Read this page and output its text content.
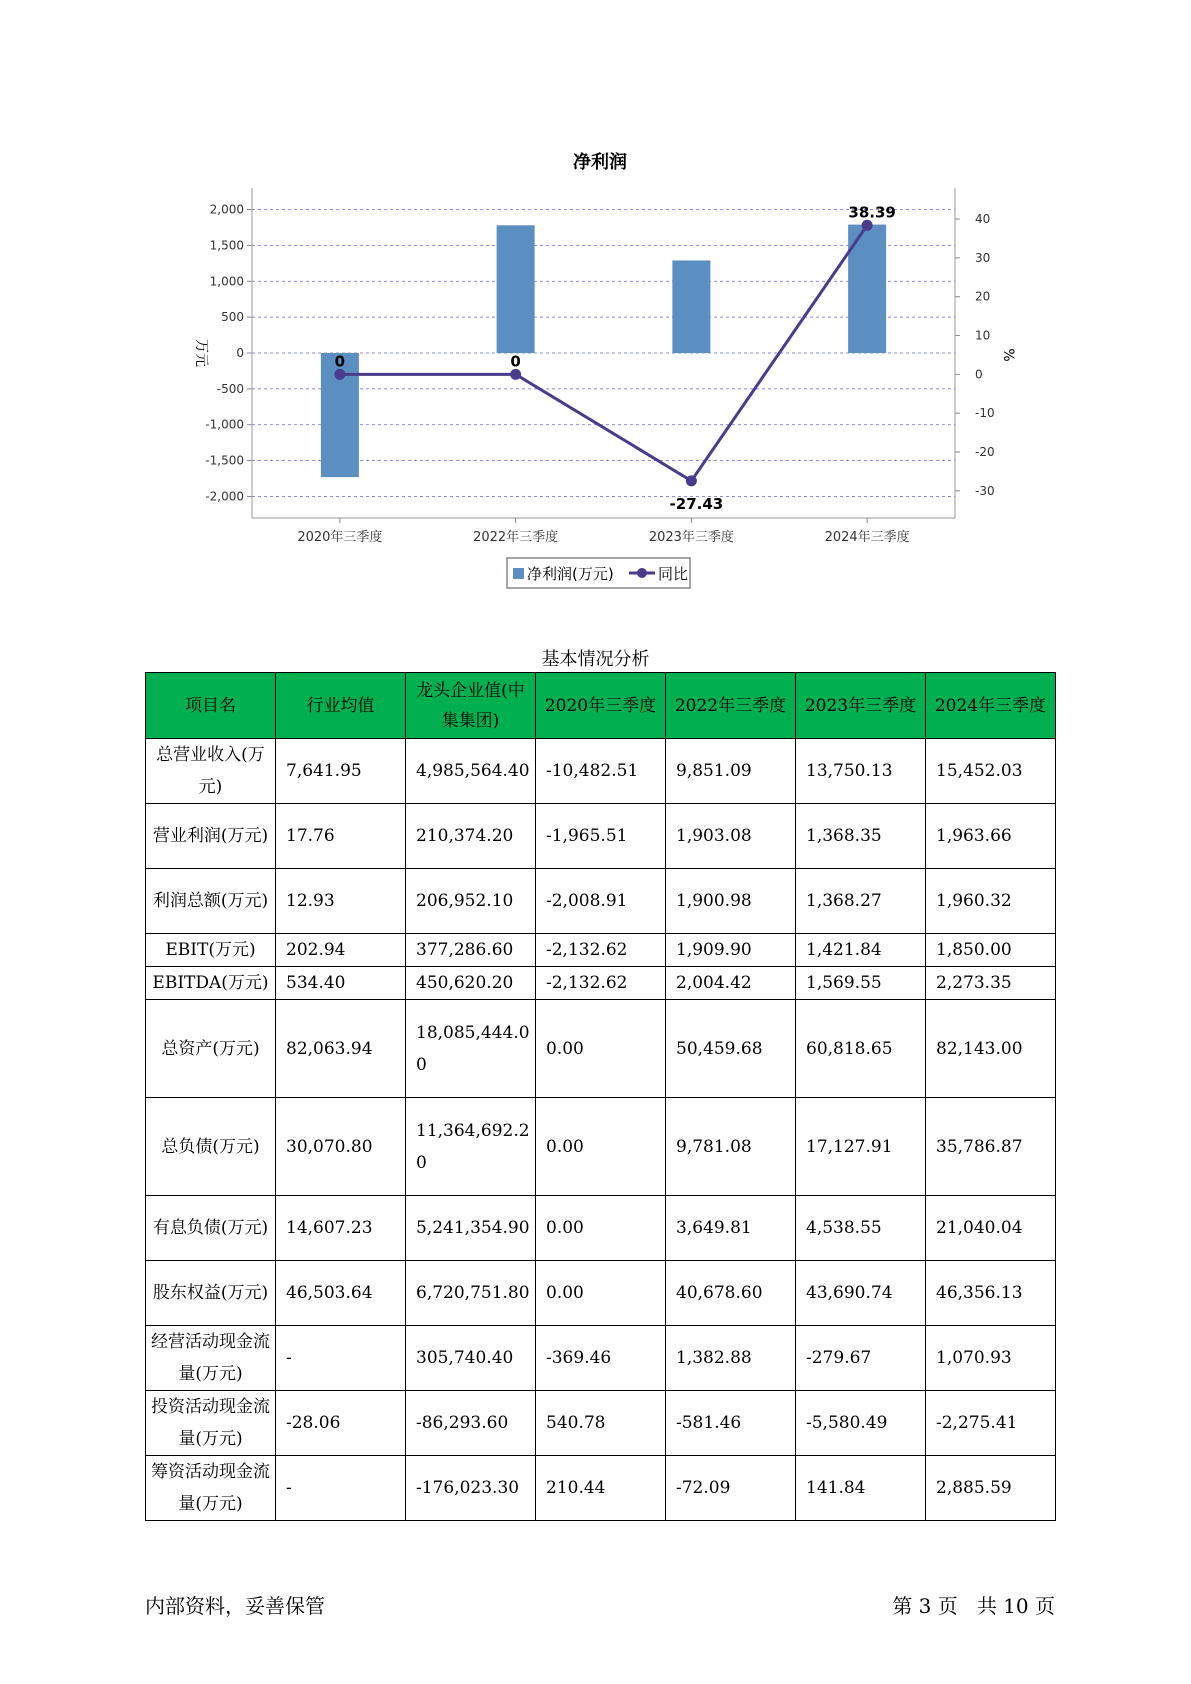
净利润
2,000
1,500
1,000
500
0
-500
-1,000
-1,500
-2,000
40
30
20
10
0
-10
-20
-30
2020年三季度	2022年三季度	2023年三季度	2024年三季度
万元	%
0	0
-27.43
38.39
净利润(万元)	同比
基本情况分析
项目名	行业均值	龙头企业值(中集集团)	2020年三季度	2022年三季度	2023年三季度	2024年三季度
总营业收入(万元)	7,641.95	4,985,564.40	-10,482.51	9,851.09	13,750.13	15,452.03
营业利润(万元)	17.76	210,374.20	-1,965.51	1,903.08	1,368.35	1,963.66
利润总额(万元)	12.93	206,952.10	-2,008.91	1,900.98	1,368.27	1,960.32
EBIT(万元)	202.94	377,286.60	-2,132.62	1,909.90	1,421.84	1,850.00
EBITDA(万元)	534.40	450,620.20	-2,132.62	2,004.42	1,569.55	2,273.35
总资产(万元)	82,063.94	18,085,444.00	0.00	50,459.68	60,818.65	82,143.00
总负债(万元)	30,070.80	11,364,692.20	0.00	9,781.08	17,127.91	35,786.87
有息负债(万元)	14,607.23	5,241,354.90	0.00	3,649.81	4,538.55	21,040.04
股东权益(万元)	46,503.64	6,720,751.80	0.00	40,678.60	43,690.74	46,356.13
经营活动现金流量(万元)	-	305,740.40	-369.46	1,382.88	-279.67	1,070.93
投资活动现金流量(万元)	-28.06	-86,293.60	540.78	-581.46	-5,580.49	-2,275.41
筹资活动现金流量(万元)	-	-176,023.30	210.44	-72.09	141.84	2,885.59
内部资料，妥善保管	第 3 页   共 10 页
